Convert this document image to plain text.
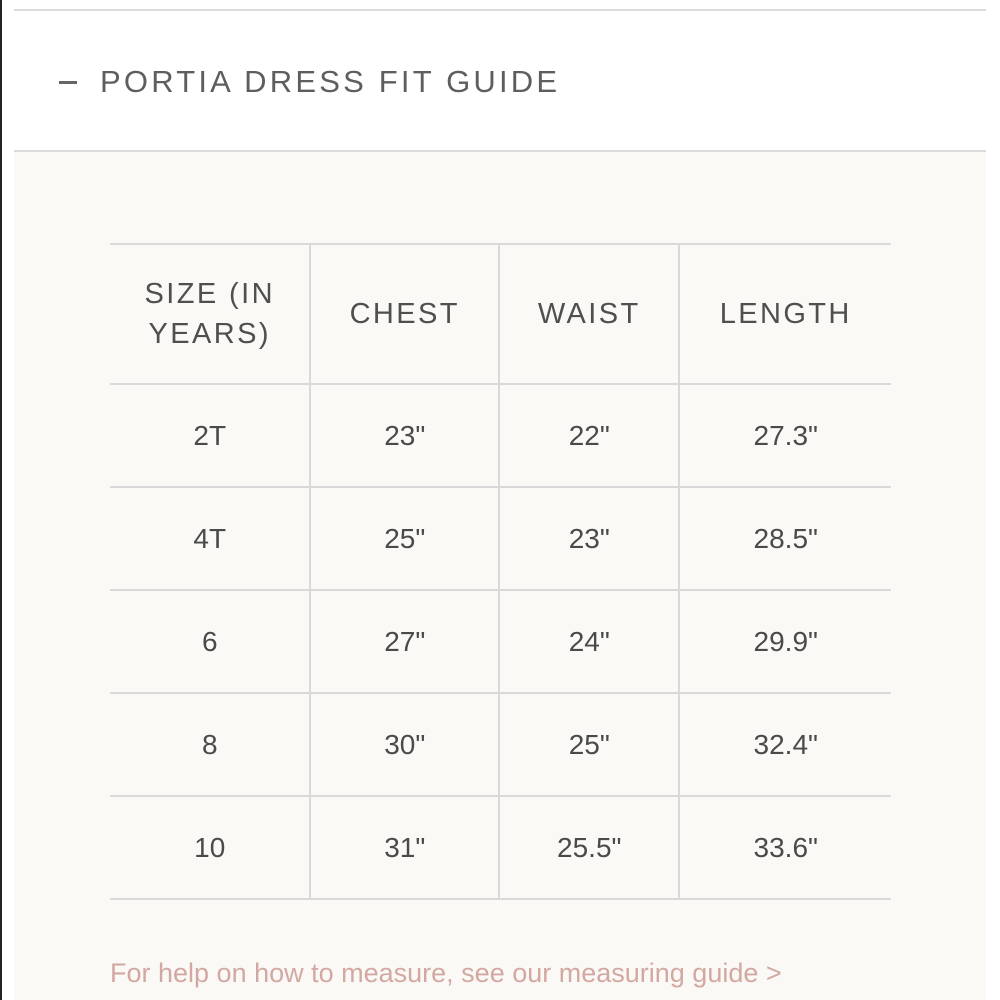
PORTIA DRESS FIT GUIDE
SIZE (IN YEARS)	CHEST	WAIST	LENGTH
2T	23"	22"	27.3"
4T	25"	23"	28.5"
6	27"	24"	29.9"
8	30"	25"	32.4"
10	31"	25.5"	33.6"
For help on how to measure, see our measuring guide >
